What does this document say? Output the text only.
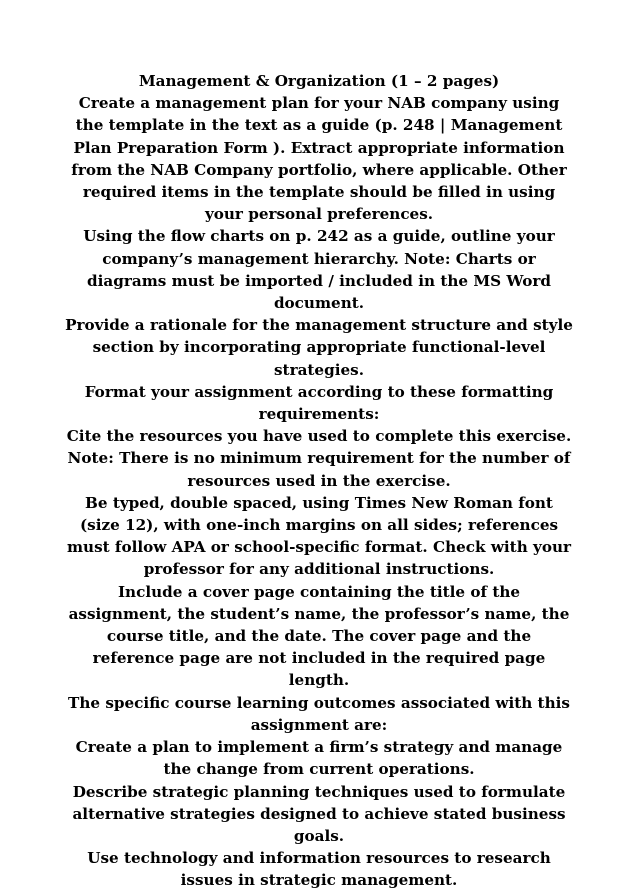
Management & Organization (1 – 2 pages)

Create a management plan for your NAB company using the template in the text as a guide (p. 248 | Management Plan Preparation Form ). Extract appropriate information from the NAB Company portfolio, where applicable. Other required items in the template should be filled in using your personal preferences.

Using the flow charts on p. 242 as a guide, outline your company’s management hierarchy. Note: Charts or diagrams must be imported / included in the MS Word document.

Provide a rationale for the management structure and style section by incorporating appropriate functional-level strategies.

Format your assignment according to these formatting requirements:

Cite the resources you have used to complete this exercise. Note: There is no minimum requirement for the number of resources used in the exercise.

Be typed, double spaced, using Times New Roman font (size 12), with one-inch margins on all sides; references must follow APA or school-specific format. Check with your professor for any additional instructions.

Include a cover page containing the title of the assignment, the student’s name, the professor’s name, the course title, and the date. The cover page and the reference page are not included in the required page length.

The specific course learning outcomes associated with this assignment are:

Create a plan to implement a firm’s strategy and manage the change from current operations.

Describe strategic planning techniques used to formulate alternative strategies designed to achieve stated business goals.

Use technology and information resources to research issues in strategic management.
